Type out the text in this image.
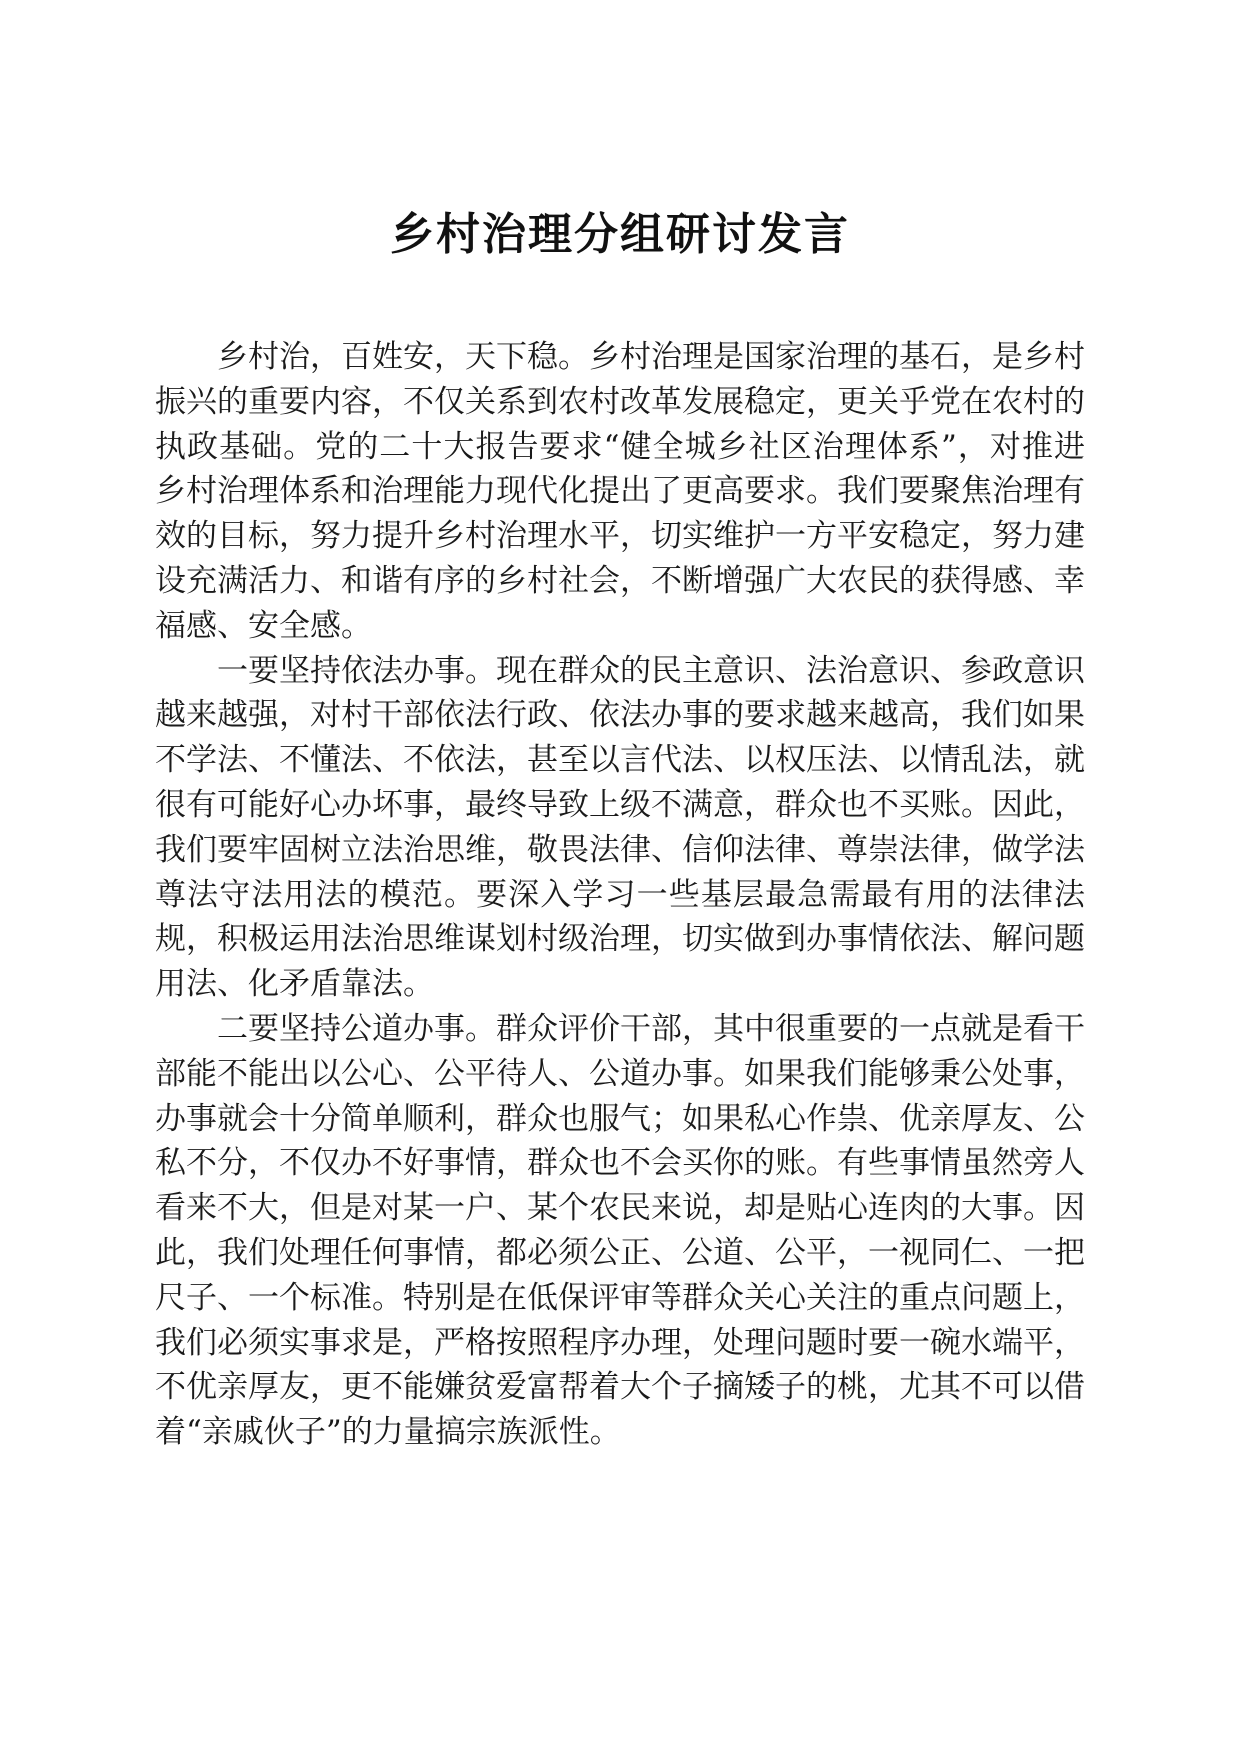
乡村治理分组研讨发言

乡村治，百姓安，天下稳。乡村治理是国家治理的基石，是乡村振兴的重要内容，不仅关系到农村改革发展稳定，更关乎党在农村的执政基础。党的二十大报告要求“健全城乡社区治理体系”，对推进乡村治理体系和治理能力现代化提出了更高要求。我们要聚焦治理有效的目标，努力提升乡村治理水平，切实维护一方平安稳定，努力建设充满活力、和谐有序的乡村社会，不断增强广大农民的获得感、幸福感、安全感。

一要坚持依法办事。现在群众的民主意识、法治意识、参政意识越来越强，对村干部依法行政、依法办事的要求越来越高，我们如果不学法、不懂法、不依法，甚至以言代法、以权压法、以情乱法，就很有可能好心办坏事，最终导致上级不满意，群众也不买账。因此，我们要牢固树立法治思维，敬畏法律、信仰法律、尊崇法律，做学法尊法守法用法的模范。要深入学习一些基层最急需最有用的法律法规，积极运用法治思维谋划村级治理，切实做到办事情依法、解问题用法、化矛盾靠法。

二要坚持公道办事。群众评价干部，其中很重要的一点就是看干部能不能出以公心、公平待人、公道办事。如果我们能够秉公处事，办事就会十分简单顺利，群众也服气；如果私心作祟、优亲厚友、公私不分，不仅办不好事情，群众也不会买你的账。有些事情虽然旁人看来不大，但是对某一户、某个农民来说，却是贴心连肉的大事。因此，我们处理任何事情，都必须公正、公道、公平，一视同仁、一把尺子、一个标准。特别是在低保评审等群众关心关注的重点问题上，我们必须实事求是，严格按照程序办理，处理问题时要一碗水端平，不优亲厚友，更不能嫌贫爱富帮着大个子摘矮子的桃，尤其不可以借着“亲戚伙子”的力量搞宗族派性。
